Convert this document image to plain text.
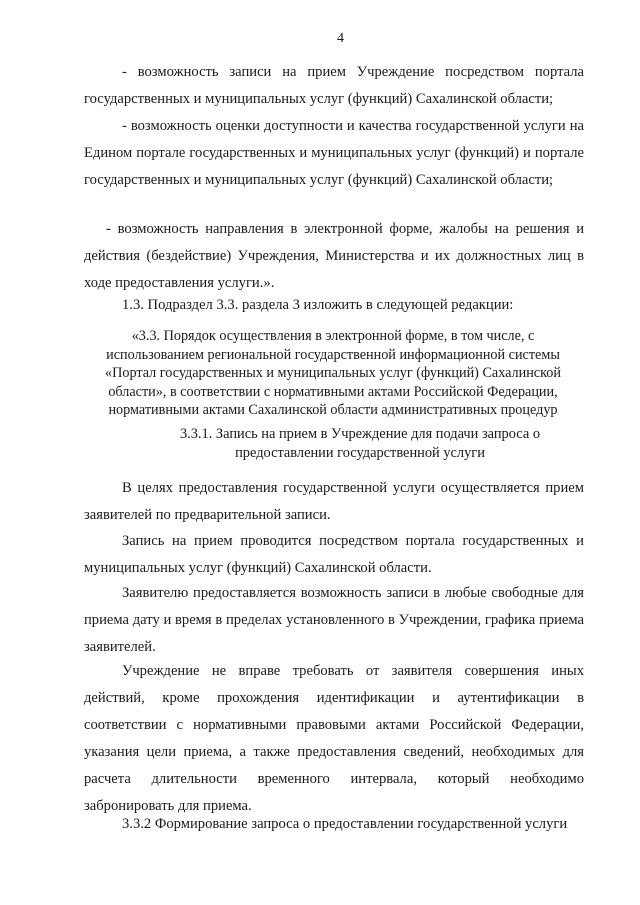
4

- возможность записи на прием Учреждение посредством портала государственных и муниципальных услуг (функций) Сахалинской области;

- возможность оценки доступности и качества государственной услуги на Едином портале государственных и муниципальных услуг (функций) и портале государственных и муниципальных услуг (функций) Сахалинской области;

- возможность направления в электронной форме, жалобы на решения и действия (бездействие) Учреждения, Министерства и их должностных лиц в ходе предоставления услуги.».

1.3. Подраздел 3.3. раздела 3 изложить в следующей редакции:

«3.3. Порядок осуществления в электронной форме, в том числе, с использованием региональной государственной информационной системы «Портал государственных и муниципальных услуг (функций) Сахалинской области», в соответствии с нормативными актами Российской Федерации, нормативными актами Сахалинской области административных процедур

3.3.1. Запись на прием в Учреждение для подачи запроса о предоставлении государственной услуги

В целях предоставления государственной услуги осуществляется прием заявителей по предварительной записи.

Запись на прием проводится посредством портала государственных и муниципальных услуг (функций) Сахалинской области.

Заявителю предоставляется возможность записи в любые свободные для приема дату и время в пределах установленного в Учреждении, графика приема заявителей.

Учреждение не вправе требовать от заявителя совершения иных действий, кроме прохождения идентификации и аутентификации в соответствии с нормативными правовыми актами Российской Федерации, указания цели приема, а также предоставления сведений, необходимых для расчета длительности временного интервала, который необходимо забронировать для приема.

3.3.2 Формирование запроса о предоставлении государственной услуги
